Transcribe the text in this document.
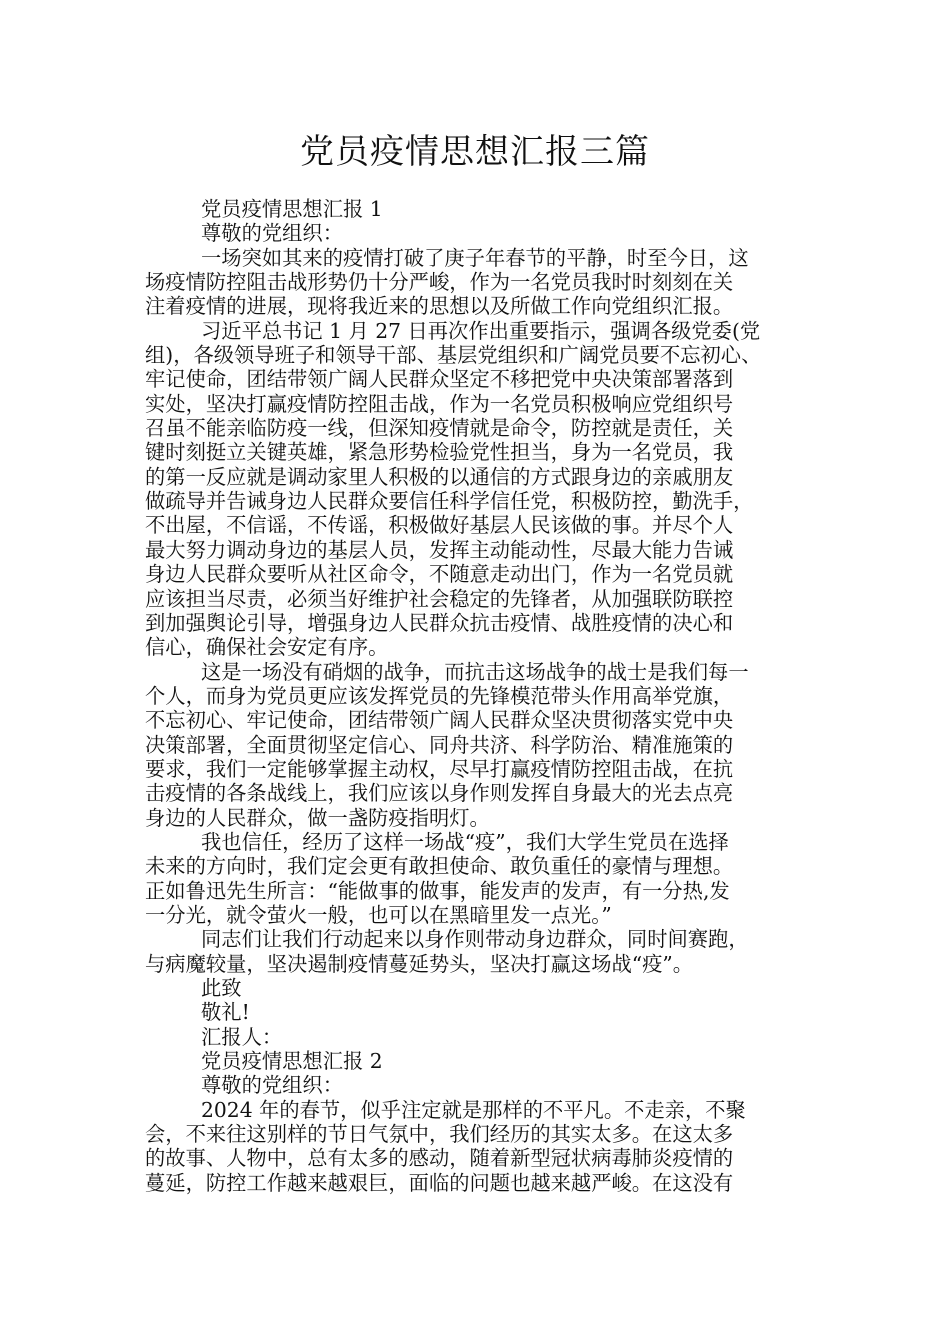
党员疫情思想汇报三篇
党员疫情思想汇报 1
尊敬的党组织：
一场突如其来的疫情打破了庚子年春节的平静，时至今日，这
场疫情防控阻击战形势仍十分严峻，作为一名党员我时时刻刻在关
注着疫情的进展，现将我近来的思想以及所做工作向党组织汇报。
习近平总书记 1 月 27 日再次作出重要指示，强调各级党委(党
组)，各级领导班子和领导干部、基层党组织和广阔党员要不忘初心、
牢记使命，团结带领广阔人民群众坚定不移把党中央决策部署落到
实处，坚决打赢疫情防控阻击战，作为一名党员积极响应党组织号
召虽不能亲临防疫一线，但深知疫情就是命令，防控就是责任，关
键时刻挺立关键英雄，紧急形势检验党性担当，身为一名党员，我
的第一反应就是调动家里人积极的以通信的方式跟身边的亲戚朋友
做疏导并告诫身边人民群众要信任科学信任党，积极防控，勤洗手，
不出屋，不信谣，不传谣，积极做好基层人民该做的事。并尽个人
最大努力调动身边的基层人员，发挥主动能动性，尽最大能力告诫
身边人民群众要听从社区命令，不随意走动出门，作为一名党员就
应该担当尽责，必须当好维护社会稳定的先锋者，从加强联防联控
到加强舆论引导，增强身边人民群众抗击疫情、战胜疫情的决心和
信心，确保社会安定有序。
这是一场没有硝烟的战争，而抗击这场战争的战士是我们每一
个人，而身为党员更应该发挥党员的先锋模范带头作用高举党旗，
不忘初心、牢记使命，团结带领广阔人民群众坚决贯彻落实党中央
决策部署，全面贯彻坚定信心、同舟共济、科学防治、精准施策的
要求，我们一定能够掌握主动权，尽早打赢疫情防控阻击战，在抗
击疫情的各条战线上，我们应该以身作则发挥自身最大的光去点亮
身边的人民群众，做一盏防疫指明灯。
我也信任，经历了这样一场战“疫”，我们大学生党员在选择
未来的方向时，我们定会更有敢担使命、敢负重任的豪情与理想。
正如鲁迅先生所言：“能做事的做事，能发声的发声，有一分热,发
一分光，就令萤火一般，也可以在黑暗里发一点光。”
同志们让我们行动起来以身作则带动身边群众，同时间赛跑，
与病魔较量，坚决遏制疫情蔓延势头，坚决打赢这场战“疫”。
此致
敬礼!
汇报人：
党员疫情思想汇报 2
尊敬的党组织：
2024 年的春节，似乎注定就是那样的不平凡。不走亲，不聚
会，不来往这别样的节日气氛中，我们经历的其实太多。在这太多
的故事、人物中，总有太多的感动，随着新型冠状病毒肺炎疫情的
蔓延，防控工作越来越艰巨，面临的问题也越来越严峻。在这没有
